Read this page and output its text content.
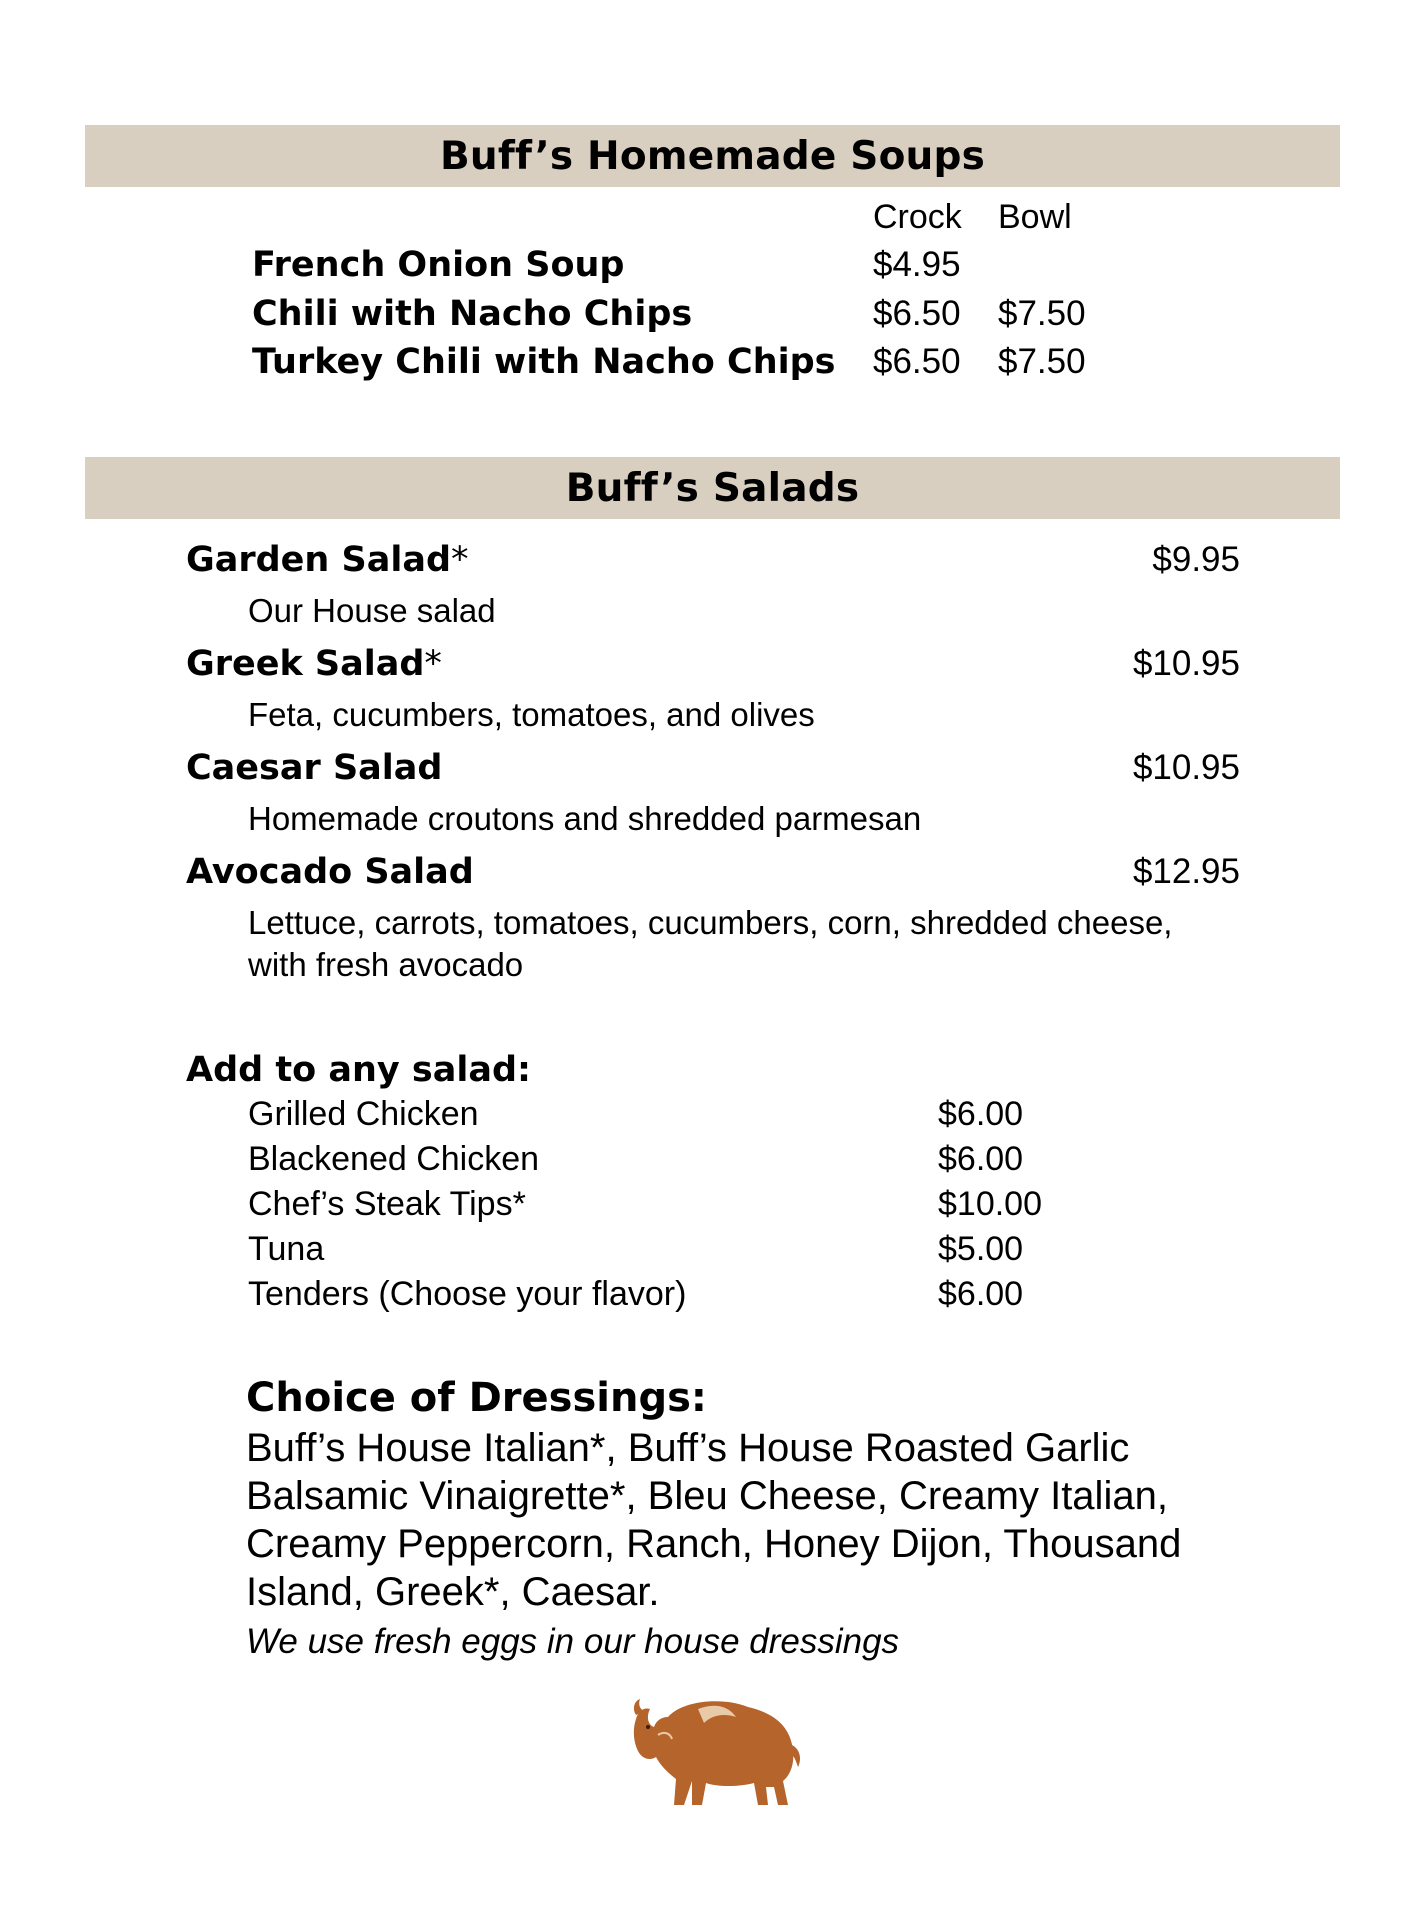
Buff’s Homemade Soups
Crock Bowl
French Onion Soup	$4.95
Chili with Nacho Chips	$6.50 $7.50
Turkey Chili with Nacho Chips $6.50 $7.50
Buff’s Salads
Garden Salad*	$9.95
Our House salad
Greek Salad*	$10.95
Feta, cucumbers, tomatoes, and olives
Caesar Salad	$10.95
Homemade croutons and shredded parmesan
Avocado Salad	$12.95
Lettuce, carrots, tomatoes, cucumbers, corn, shredded cheese,
with fresh avocado
Add to any salad:
Grilled Chicken	$6.00
Blackened Chicken	$6.00
Chef’s Steak Tips*	$10.00
Tuna	$5.00
Tenders (Choose your flavor)	$6.00
Choice of Dressings:
Buff’s House Italian*, Buff’s House Roasted Garlic Balsamic Vinaigrette*, Bleu Cheese, Creamy Italian, Creamy Peppercorn, Ranch, Honey Dijon, Thousand Island, Greek*, Caesar.
We use fresh eggs in our house dressings
